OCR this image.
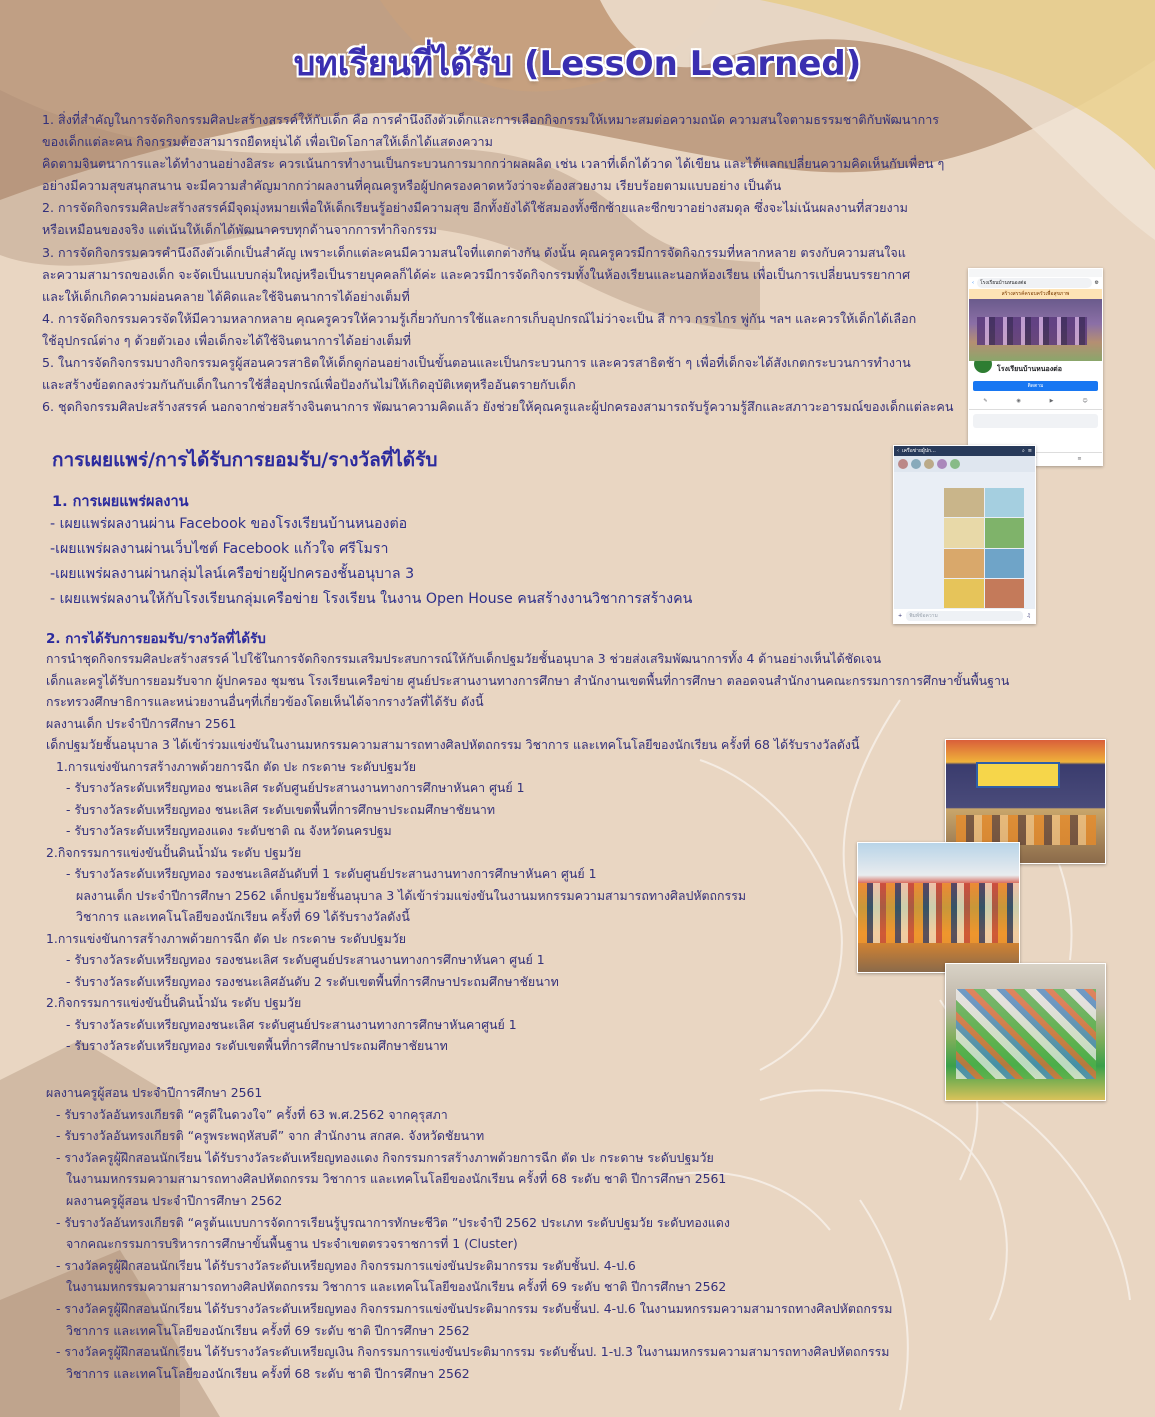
บทเรียนที่ได้รับ (LessOn Learned)

1. สิ่งที่สำคัญในการจัดกิจกรรมศิลปะสร้างสรรค์ให้กับเด็ก คือ การคำนึงถึงตัวเด็กและการเลือกกิจกรรมให้เหมาะสมต่อความถนัด ความสนใจตามธรรมชาติกับพัฒนาการ

ของเด็กแต่ละคน กิจกรรมต้องสามารถยืดหยุ่นได้ เพื่อเปิดโอกาสให้เด็กได้แสดงความ

คิดตามจินตนาการและได้ทำงานอย่างอิสระ ควรเน้นการทำงานเป็นกระบวนการมากกว่าผลผลิต เช่น เวลาที่เด็กได้วาด ได้เขียน และได้แลกเปลี่ยนความคิดเห็นกับเพื่อน ๆ

อย่างมีความสุขสนุกสนาน จะมีความสำคัญมากกว่าผลงานที่คุณครูหรือผู้ปกครองคาดหวังว่าจะต้องสวยงาม เรียบร้อยตามแบบอย่าง เป็นต้น

2. การจัดกิจกรรมศิลปะสร้างสรรค์มีจุดมุ่งหมายเพื่อให้เด็กเรียนรู้อย่างมีความสุข อีกทั้งยังได้ใช้สมองทั้งซีกซ้ายและซีกขวาอย่างสมดุล ซึ่งจะไม่เน้นผลงานที่สวยงาม

หรือเหมือนของจริง แต่เน้นให้เด็กได้พัฒนาครบทุกด้านจากการทำกิจกรรม

3. การจัดกิจกรรมควรคำนึงถึงตัวเด็กเป็นสำคัญ เพราะเด็กแต่ละคนมีความสนใจที่แตกต่างกัน ดังนั้น คุณครูควรมีการจัดกิจกรรมที่หลากหลาย ตรงกับความสนใจแ

ละความสามารถของเด็ก จะจัดเป็นแบบกลุ่มใหญ่หรือเป็นรายบุคคลก็ได้ค่ะ และควรมีการจัดกิจกรรมทั้งในห้องเรียนและนอกห้องเรียน เพื่อเป็นการเปลี่ยนบรรยากาศ

และให้เด็กเกิดความผ่อนคลาย ได้คิดและใช้จินตนาการได้อย่างเต็มที่

4. การจัดกิจกรรมควรจัดให้มีความหลากหลาย คุณครูควรให้ความรู้เกี่ยวกับการใช้และการเก็บอุปกรณ์ไม่ว่าจะเป็น สี กาว กรรไกร พู่กัน ฯลฯ และควรให้เด็กได้เลือก

ใช้อุปกรณ์ต่าง ๆ ด้วยตัวเอง เพื่อเด็กจะได้ใช้จินตนาการได้อย่างเต็มที่

5. ในการจัดกิจกรรมบางกิจกรรมครูผู้สอนควรสาธิตให้เด็กดูก่อนอย่างเป็นขั้นตอนและเป็นกระบวนการ และควรสาธิตช้า ๆ เพื่อที่เด็กจะได้สังเกตกระบวนการทำงาน

และสร้างข้อตกลงร่วมกันกับเด็กในการใช้สื่ออุปกรณ์เพื่อป้องกันไม่ให้เกิดอุบัติเหตุหรืออันตรายกับเด็ก

6. ชุดกิจกรรมศิลปะสร้างสรรค์ นอกจากช่วยสร้างจินตนาการ พัฒนาความคิดแล้ว ยังช่วยให้คุณครูและผู้ปกครองสามารถรับรู้ความรู้สึกและสภาวะอารมณ์ของเด็กแต่ละคน

‹	โรงเรียนบ้านหนองต่อ	⚙
สร้างสรรค์ครอบครัวเพื่อสุขภาพ
โรงเรียนบ้านหนองต่อ
ติดตาม
✎	◉	▶	☺
≡
การเผยแพร่/การได้รับการยอมรับ/รางวัลที่ได้รับ	‹ เครือข่ายผู้ปก...	⌕ ≡
+	พิมพ์ข้อความ	♫
1. การเผยแพร่ผลงาน

- เผยแพร่ผลงานผ่าน Facebook ของโรงเรียนบ้านหนองต่อ

-เผยแพร่ผลงานผ่านเว็บไซต์ Facebook แก้วใจ ศรีโมรา

-เผยแพร่ผลงานผ่านกลุ่มไลน์เครือข่ายผู้ปกครองชั้นอนุบาล 3

- เผยแพร่ผลงานให้กับโรงเรียนกลุ่มเครือข่าย โรงเรียน ในงาน Open House คนสร้างงานวิชาการสร้างคน

2. การได้รับการยอมรับ/รางวัลที่ได้รับ

การนำชุดกิจกรรมศิลปะสร้างสรรค์ ไปใช้ในการจัดกิจกรรมเสริมประสบการณ์ให้กับเด็กปฐมวัยชั้นอนุบาล 3 ช่วยส่งเสริมพัฒนาการทั้ง 4 ด้านอย่างเห็นได้ชัดเจน

เด็กและครูได้รับการยอมรับจาก ผู้ปกครอง ชุมชน โรงเรียนเครือข่าย ศูนย์ประสานงานทางการศึกษา สำนักงานเขตพื้นที่การศึกษา ตลอดจนสำนักงานคณะกรรมการการศึกษาขั้นพื้นฐาน

กระทรวงศึกษาธิการและหน่วยงานอื่นๆที่เกี่ยวข้องโดยเห็นได้จากรางวัลที่ได้รับ ดังนี้

ผลงานเด็ก ประจำปีการศึกษา 2561

เด็กปฐมวัยชั้นอนุบาล 3 ได้เข้าร่วมแข่งขันในงานมหกรรมความสามารถทางศิลปหัตถกรรม วิชาการ และเทคโนโลยีของนักเรียน ครั้งที่ 68 ได้รับรางวัลดังนี้

1.การแข่งขันการสร้างภาพด้วยการฉีก ตัด ปะ กระดาษ ระดับปฐมวัย

- รับรางวัลระดับเหรียญทอง ชนะเลิศ ระดับศูนย์ประสานงานทางการศึกษาหันคา ศูนย์ 1

- รับรางวัลระดับเหรียญทอง ชนะเลิศ ระดับเขตพื้นที่การศึกษาประถมศึกษาชัยนาท

- รับรางวัลระดับเหรียญทองแดง ระดับชาติ ณ จังหวัดนครปฐม

2.กิจกรรมการแข่งขันปั้นดินน้ำมัน ระดับ ปฐมวัย

- รับรางวัลระดับเหรียญทอง รองชนะเลิศอันดับที่ 1 ระดับศูนย์ประสานงานทางการศึกษาหันคา ศูนย์ 1

ผลงานเด็ก ประจำปีการศึกษา 2562 เด็กปฐมวัยชั้นอนุบาล 3 ได้เข้าร่วมแข่งขันในงานมหกรรมความสามารถทางศิลปหัตถกรรม

วิชาการ และเทคโนโลยีของนักเรียน ครั้งที่ 69 ได้รับรางวัลดังนี้

1.การแข่งขันการสร้างภาพด้วยการฉีก ตัด ปะ กระดาษ ระดับปฐมวัย

- รับรางวัลระดับเหรียญทอง รองชนะเลิศ ระดับศูนย์ประสานงานทางการศึกษาหันคา ศูนย์ 1

- รับรางวัลระดับเหรียญทอง รองชนะเลิศอันดับ 2 ระดับเขตพื้นที่การศึกษาประถมศึกษาชัยนาท

2.กิจกรรมการแข่งขันปั้นดินน้ำมัน ระดับ ปฐมวัย

- รับรางวัลระดับเหรียญทองชนะเลิศ ระดับศูนย์ประสานงานทางการศึกษาหันคาศูนย์ 1

- รับรางวัลระดับเหรียญทอง ระดับเขตพื้นที่การศึกษาประถมศึกษาชัยนาท

ผลงานครูผู้สอน ประจำปีการศึกษา 2561

- รับรางวัลอันทรงเกียรติ “ครูดีในดวงใจ” ครั้งที่ 63 พ.ศ.2562 จากคุรุสภา

- รับรางวัลอันทรงเกียรติ “ครูพระพฤหัสบดี” จาก สำนักงาน สกสค. จังหวัดชัยนาท

- รางวัลครูผู้ฝึกสอนนักเรียน ได้รับรางวัลระดับเหรียญทองแดง กิจกรรมการสร้างภาพด้วยการฉีก ตัด ปะ กระดาษ ระดับปฐมวัย

ในงานมหกรรมความสามารถทางศิลปหัตถกรรม วิชาการ และเทคโนโลยีของนักเรียน ครั้งที่ 68 ระดับ ชาติ ปีการศึกษา 2561

ผลงานครูผู้สอน ประจำปีการศึกษา 2562

- รับรางวัลอันทรงเกียรติ “ครูต้นแบบการจัดการเรียนรู้บูรณาการทักษะชีวิต ”ประจำปี 2562 ประเภท ระดับปฐมวัย ระดับทองแดง

จากคณะกรรมการบริหารการศึกษาขั้นพื้นฐาน ประจำเขตตรวจราชการที่ 1 (Cluster)

- รางวัลครูผู้ฝึกสอนนักเรียน ได้รับรางวัลระดับเหรียญทอง กิจกรรมการแข่งขันประติมากรรม ระดับชั้นป. 4-ป.6

ในงานมหกรรมความสามารถทางศิลปหัตถกรรม วิชาการ และเทคโนโลยีของนักเรียน ครั้งที่ 69 ระดับ ชาติ ปีการศึกษา 2562

- รางวัลครูผู้ฝึกสอนนักเรียน ได้รับรางวัลระดับเหรียญทอง กิจกรรมการแข่งขันประติมากรรม ระดับชั้นป. 4-ป.6 ในงานมหกรรมความสามารถทางศิลปหัตถกรรม

วิชาการ และเทคโนโลยีของนักเรียน ครั้งที่ 69 ระดับ ชาติ ปีการศึกษา 2562

- รางวัลครูผู้ฝึกสอนนักเรียน ได้รับรางวัลระดับเหรียญเงิน กิจกรรมการแข่งขันประติมากรรม ระดับชั้นป. 1-ป.3 ในงานมหกรรมความสามารถทางศิลปหัตถกรรม

วิชาการ และเทคโนโลยีของนักเรียน ครั้งที่ 68 ระดับ ชาติ ปีการศึกษา 2562
